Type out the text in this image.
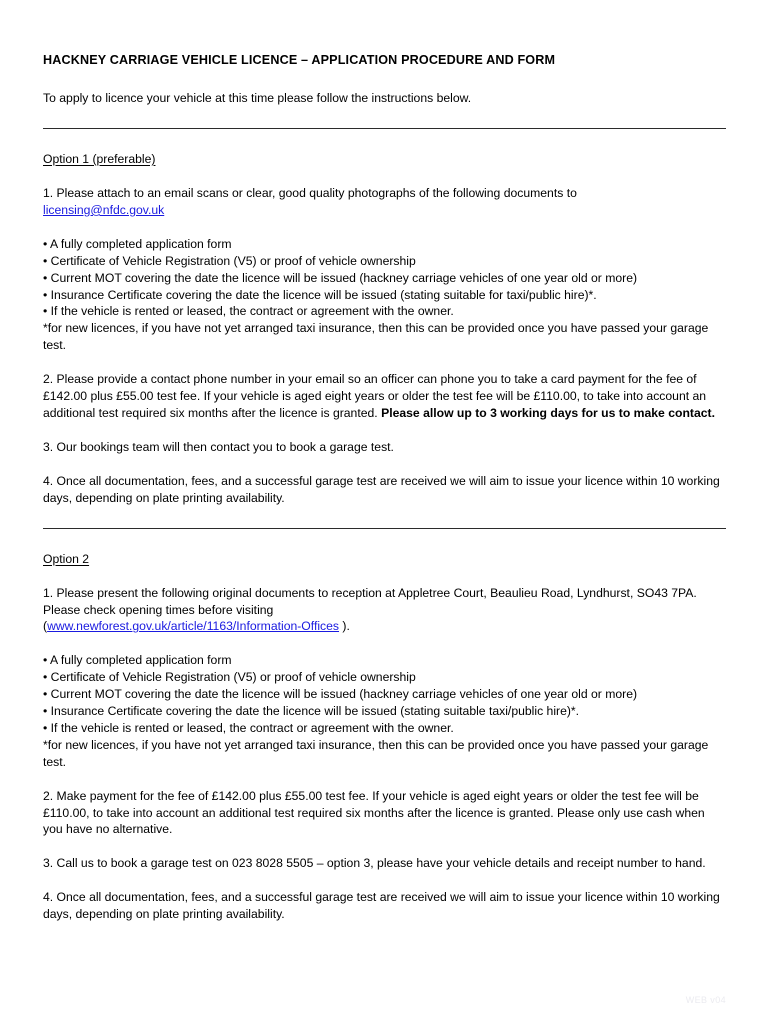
HACKNEY CARRIAGE VEHICLE LICENCE – APPLICATION PROCEDURE AND FORM
To apply to licence your vehicle at this time please follow the instructions below.
Option 1 (preferable)
1. Please attach to an email scans or clear, good quality photographs of the following documents to
licensing@nfdc.gov.uk
• A fully completed application form
• Certificate of Vehicle Registration (V5) or proof of vehicle ownership
• Current MOT covering the date the licence will be issued (hackney carriage vehicles of one year old or more)
• Insurance Certificate covering the date the licence will be issued (stating suitable for taxi/public hire)*.
• If the vehicle is rented or leased, the contract or agreement with the owner.
*for new licences, if you have not yet arranged taxi insurance, then this can be provided once you have passed your garage test.
2. Please provide a contact phone number in your email so an officer can phone you to take a card payment for the fee of £142.00 plus £55.00 test fee. If your vehicle is aged eight years or older the test fee will be £110.00, to take into account an additional test required six months after the licence is granted. Please allow up to 3 working days for us to make contact.
3. Our bookings team will then contact you to book a garage test.
4. Once all documentation, fees, and a successful garage test are received we will aim to issue your licence within 10 working days, depending on plate printing availability.
Option 2
1. Please present the following original documents to reception at Appletree Court, Beaulieu Road, Lyndhurst, SO43 7PA. Please check opening times before visiting
(www.newforest.gov.uk/article/1163/Information-Offices ).
• A fully completed application form
• Certificate of Vehicle Registration (V5) or proof of vehicle ownership
• Current MOT covering the date the licence will be issued (hackney carriage vehicles of one year old or more)
• Insurance Certificate covering the date the licence will be issued (stating suitable taxi/public hire)*.
• If the vehicle is rented or leased, the contract or agreement with the owner.
*for new licences, if you have not yet arranged taxi insurance, then this can be provided once you have passed your garage test.
2. Make payment for the fee of £142.00 plus £55.00 test fee. If your vehicle is aged eight years or older the test fee will be £110.00, to take into account an additional test required six months after the licence is granted. Please only use cash when you have no alternative.
3. Call us to book a garage test on 023 8028 5505 – option 3, please have your vehicle details and receipt number to hand.
4. Once all documentation, fees, and a successful garage test are received we will aim to issue your licence within 10 working days, depending on plate printing availability.
WEB v04
